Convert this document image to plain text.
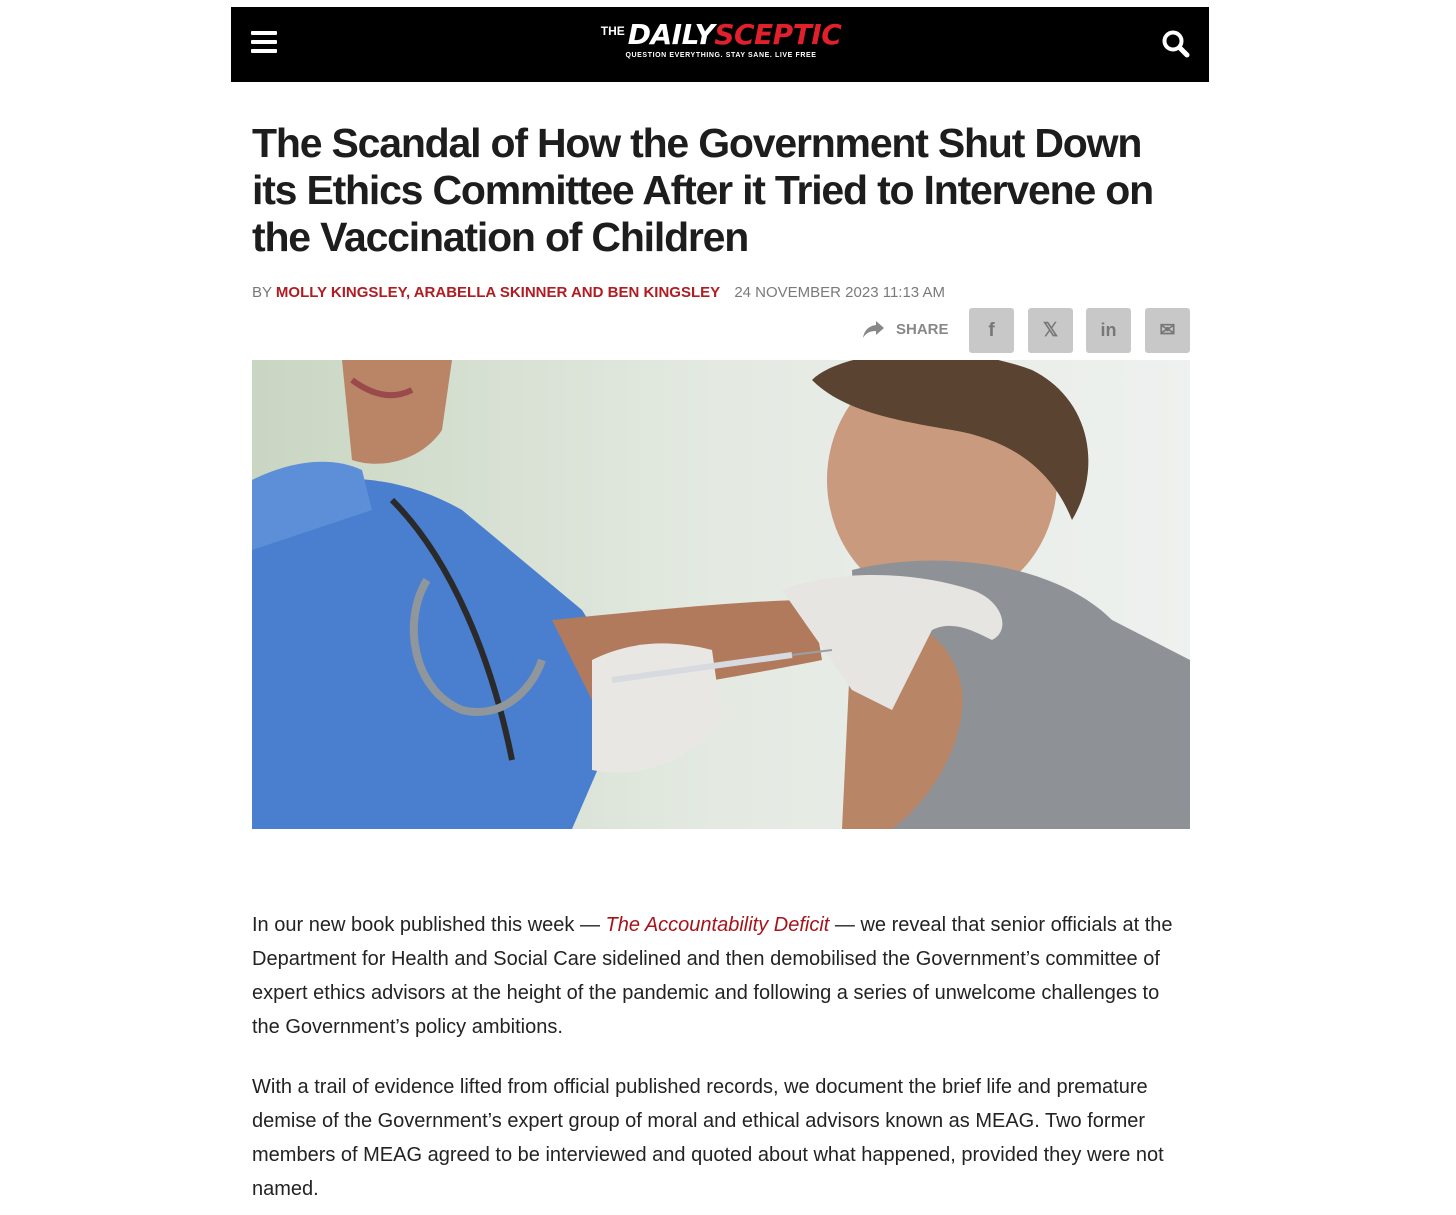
$^{THE}$ DAILYSCEPTIC
QUESTION EVERYTHING. STAY SANE. LIVE FREE
The Scandal of How the Government Shut Down its Ethics Committee After it Tried to Intervene on the Vaccination of Children
BY MOLLY KINGSLEY, ARABELLA SKINNER AND BEN KINGSLEY 24 NOVEMBER 2023 11:13 AM
SHARE	f	𝕏	in	✉

In our new book published this week — The Accountability Deficit — we reveal that senior officials at the Department for Health and Social Care sidelined and then demobilised the Government’s committee of expert ethics advisors at the height of the pandemic and following a series of unwelcome challenges to the Government’s policy ambitions.

With a trail of evidence lifted from official published records, we document the brief life and premature demise of the Government’s expert group of moral and ethical advisors known as MEAG. Two former members of MEAG agreed to be interviewed and quoted about what happened, provided they were not named.
